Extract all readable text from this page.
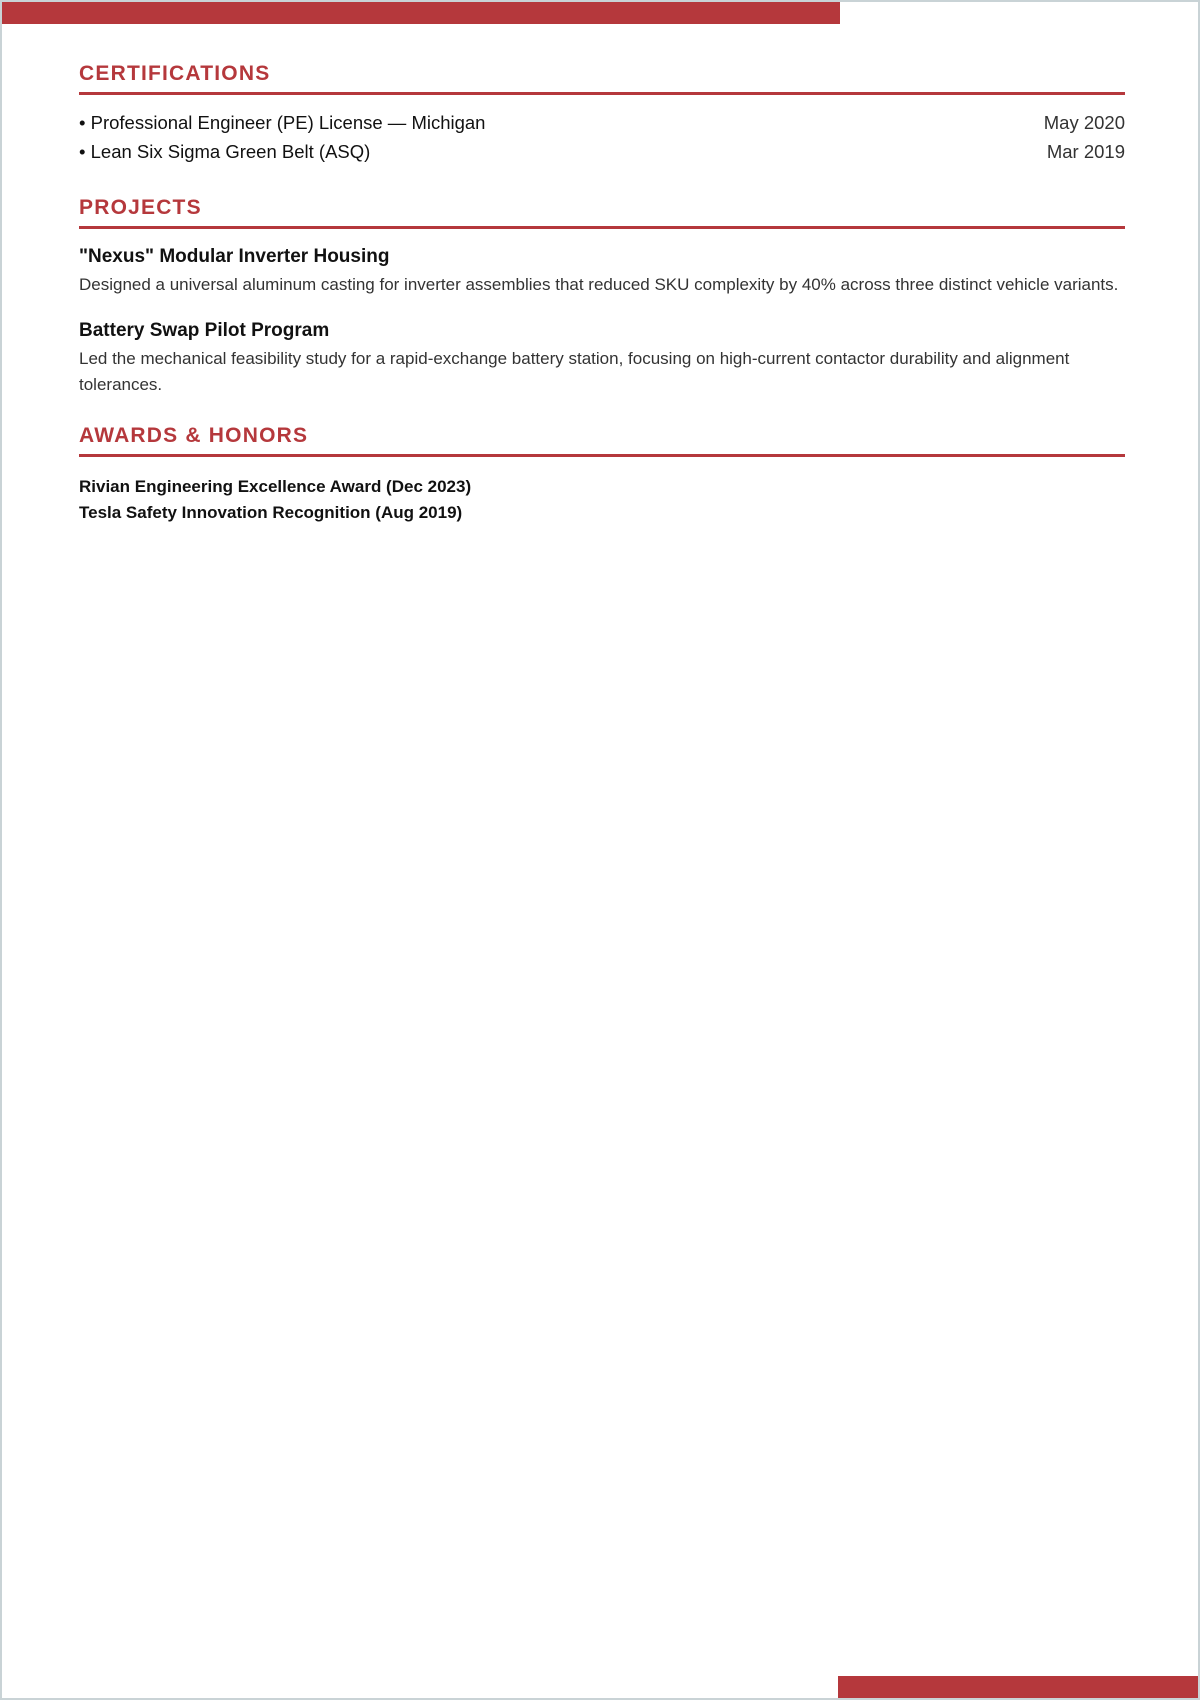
CERTIFICATIONS
• Professional Engineer (PE) License — Michigan	May 2020
• Lean Six Sigma Green Belt (ASQ)	Mar 2019
PROJECTS
"Nexus" Modular Inverter Housing

Designed a universal aluminum casting for inverter assemblies that reduced SKU complexity by 40% across three distinct vehicle variants.

Battery Swap Pilot Program

Led the mechanical feasibility study for a rapid-exchange battery station, focusing on high-current contactor durability and alignment tolerances.

AWARDS & HONORS
Rivian Engineering Excellence Award (Dec 2023)
Tesla Safety Innovation Recognition (Aug 2019)
